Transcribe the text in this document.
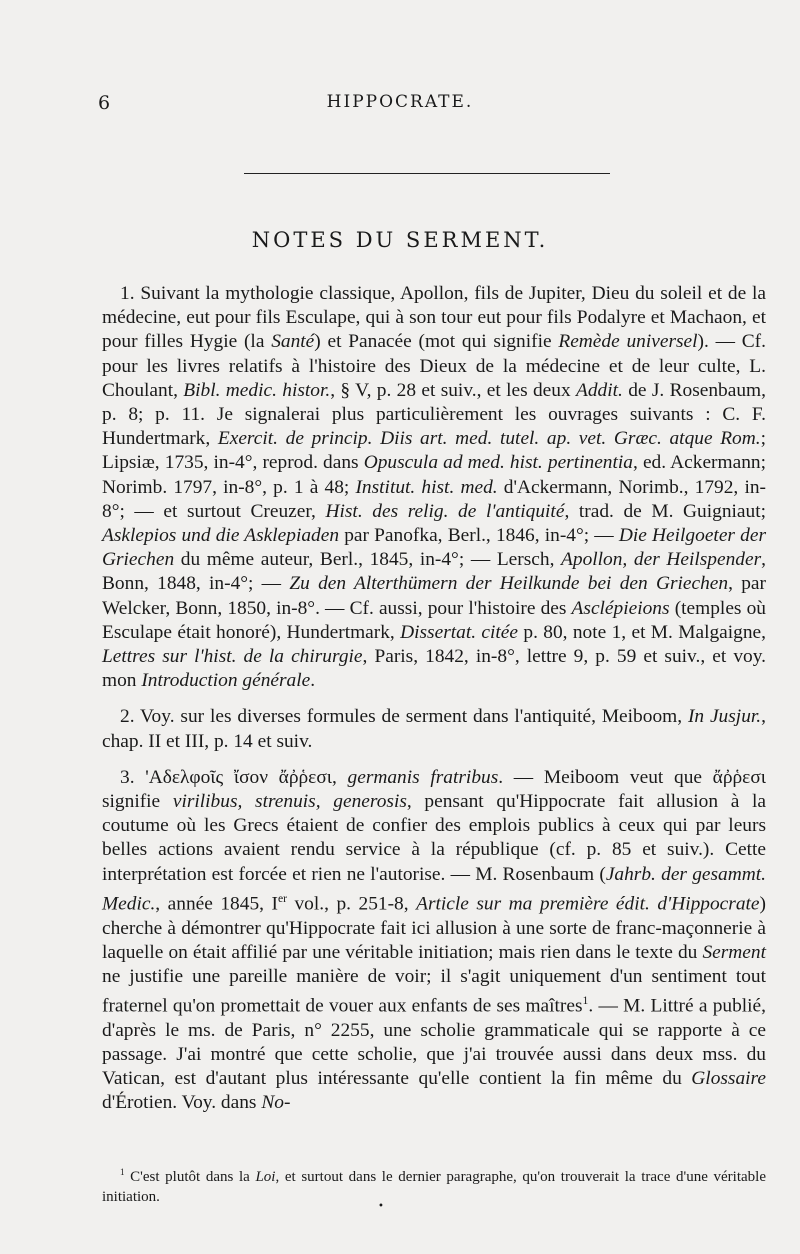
6	HIPPOCRATE.
NOTES DU SERMENT.

1. Suivant la mythologie classique, Apollon, fils de Jupiter, Dieu du soleil et de la médecine, eut pour fils Esculape, qui à son tour eut pour fils Podalyre et Machaon, et pour filles Hygie (la Santé) et Panacée (mot qui signifie Remède universel). — Cf. pour les livres relatifs à l'histoire des Dieux de la médecine et de leur culte, L. Choulant, Bibl. medic. histor., § V, p. 28 et suiv., et les deux Addit. de J. Rosenbaum, p. 8; p. 11. Je signalerai plus particulièrement les ouvrages suivants : C. F. Hundertmark, Exercit. de princip. Diis art. med. tutel. ap. vet. Græc. atque Rom.; Lipsiæ, 1735, in-4°, reprod. dans Opuscula ad med. hist. pertinentia, ed. Ackermann; Norimb. 1797, in-8°, p. 1 à 48; Institut. hist. med. d'Ackermann, Norimb., 1792, in-8°; — et surtout Creuzer, Hist. des relig. de l'antiquité, trad. de M. Guigniaut; Asklepios und die Asklepiaden par Panofka, Berl., 1846, in-4°; — Die Heilgoeter der Griechen du même auteur, Berl., 1845, in-4°; — Lersch, Apollon, der Heilspender, Bonn, 1848, in-4°; — Zu den Alterthümern der Heilkunde bei den Griechen, par Welcker, Bonn, 1850, in-8°. — Cf. aussi, pour l'histoire des Asclépieions (temples où Esculape était honoré), Hundertmark, Dissertat. citée p. 80, note 1, et M. Malgaigne, Lettres sur l'hist. de la chirurgie, Paris, 1842, in-8°, lettre 9, p. 59 et suiv., et voy. mon Introduction générale.

2. Voy. sur les diverses formules de serment dans l'antiquité, Meiboom, In Jusjur., chap. II et III, p. 14 et suiv.

3. 'Αδελφοῖς ἴσον ἄῤῥεσι, germanis fratribus. — Meiboom veut que ἄῤῥεσι signifie virilibus, strenuis, generosis, pensant qu'Hippocrate fait allusion à la coutume où les Grecs étaient de confier des emplois publics à ceux qui par leurs belles actions avaient rendu service à la république (cf. p. 85 et suiv.). Cette interprétation est forcée et rien ne l'autorise. — M. Rosenbaum (Jahrb. der gesammt. Medic., année 1845, Ier vol., p. 251-8, Article sur ma première édit. d'Hippocrate) cherche à démontrer qu'Hippocrate fait ici allusion à une sorte de franc-maçonnerie à laquelle on était affilié par une véritable initiation; mais rien dans le texte du Serment ne justifie une pareille manière de voir; il s'agit uniquement d'un sentiment tout fraternel qu'on promettait de vouer aux enfants de ses maîtres$^1$. — M. Littré a publié, d'après le ms. de Paris, n° 2255, une scholie grammaticale qui se rapporte à ce passage. J'ai montré que cette scholie, que j'ai trouvée aussi dans deux mss. du Vatican, est d'autant plus intéressante qu'elle contient la fin même du Glossaire d'Érotien. Voy. dans No-

$^1$ C'est plutôt dans la Loi, et surtout dans le dernier paragraphe, qu'on trouverait la trace d'une véritable initiation.
•
